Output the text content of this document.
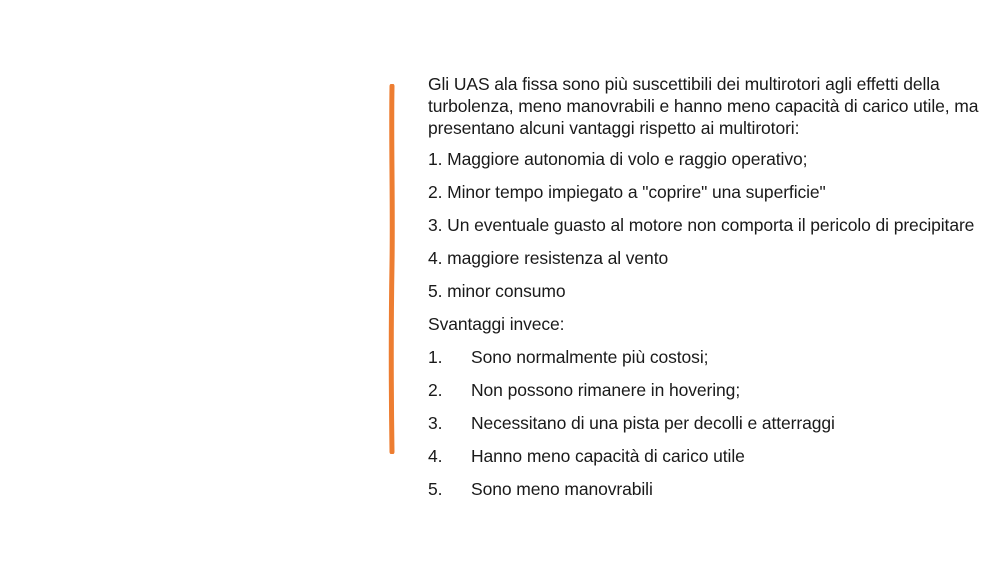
Gli UAS ala fissa sono più suscettibili dei multirotori agli effetti della turbolenza, meno manovrabili e hanno meno capacità di carico utile, ma presentano alcuni vantaggi rispetto ai multirotori:

1. Maggiore autonomia di volo e raggio operativo;

2. Minor tempo impiegato a "coprire" una superficie"

3. Un eventuale guasto al motore non comporta il pericolo di precipitare

4. maggiore resistenza al vento

5. minor consumo

Svantaggi invece:

1.	Sono normalmente più costosi;
2.	Non possono rimanere in hovering;
3.	Necessitano di una pista per decolli e atterraggi
4.	Hanno meno capacità di carico utile
5.	Sono meno manovrabili
